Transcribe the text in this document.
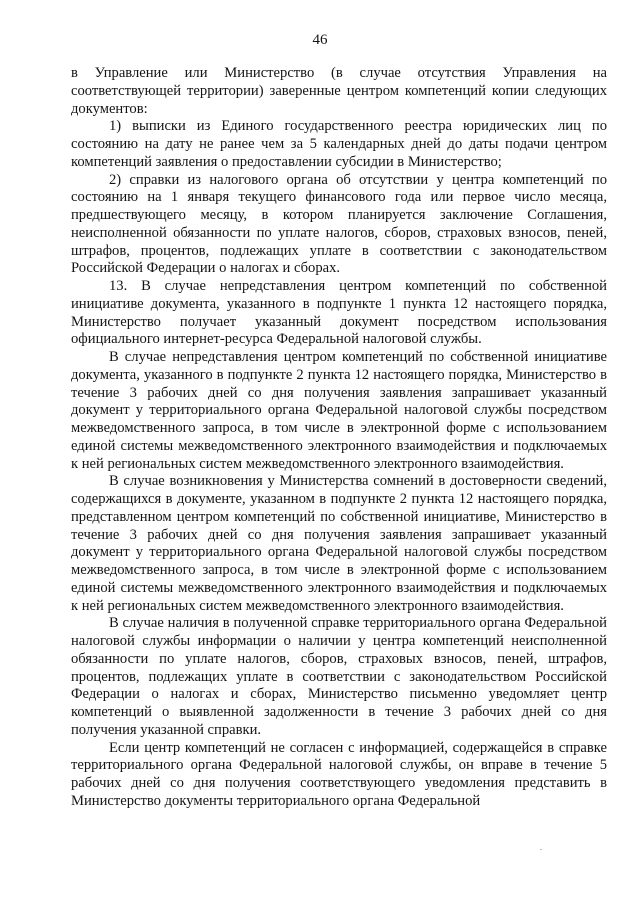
46

в Управление или Министерство (в случае отсутствия Управления на соответствующей территории) заверенные центром компетенций копии следующих документов:

1) выписки из Единого государственного реестра юридических лиц по состоянию на дату не ранее чем за 5 календарных дней до даты подачи центром компетенций заявления о предоставлении субсидии в Министерство;

2) справки из налогового органа об отсутствии у центра компетенций по состоянию на 1 января текущего финансового года или первое число месяца, предшествующего месяцу, в котором планируется заключение Соглашения, неисполненной обязанности по уплате налогов, сборов, страховых взносов, пеней, штрафов, процентов, подлежащих уплате в соответствии с законодательством Российской Федерации о налогах и сборах.

13. В случае непредставления центром компетенций по собственной инициативе документа, указанного в подпункте 1 пункта 12 настоящего порядка, Министерство получает указанный документ посредством использования официального интернет-ресурса Федеральной налоговой службы.

В случае непредставления центром компетенций по собственной инициативе документа, указанного в подпункте 2 пункта 12 настоящего порядка, Министерство в течение 3 рабочих дней со дня получения заявления запрашивает указанный документ у территориального органа Федеральной налоговой службы посредством межведомственного запроса, в том числе в электронной форме с использованием единой системы межведомственного электронного взаимодействия и подключаемых к ней региональных систем межведомственного электронного взаимодействия.

В случае возникновения у Министерства сомнений в достоверности сведений, содержащихся в документе, указанном в подпункте 2 пункта 12 настоящего порядка, представленном центром компетенций по собственной инициативе, Министерство в течение 3 рабочих дней со дня получения заявления запрашивает указанный документ у территориального органа Федеральной налоговой службы посредством межведомственного запроса, в том числе в электронной форме с использованием единой системы межведомственного электронного взаимодействия и подключаемых к ней региональных систем межведомственного электронного взаимодействия.

В случае наличия в полученной справке территориального органа Федеральной налоговой службы информации о наличии у центра компетенций неисполненной обязанности по уплате налогов, сборов, страховых взносов, пеней, штрафов, процентов, подлежащих уплате в соответствии с законодательством Российской Федерации о налогах и сборах, Министерство письменно уведомляет центр компетенций о выявленной задолженности в течение 3 рабочих дней со дня получения указанной справки.

Если центр компетенций не согласен с информацией, содержащейся в справке территориального органа Федеральной налоговой службы, он вправе в течение 5 рабочих дней со дня получения соответствующего уведомления представить в Министерство документы территориального органа Федеральной
